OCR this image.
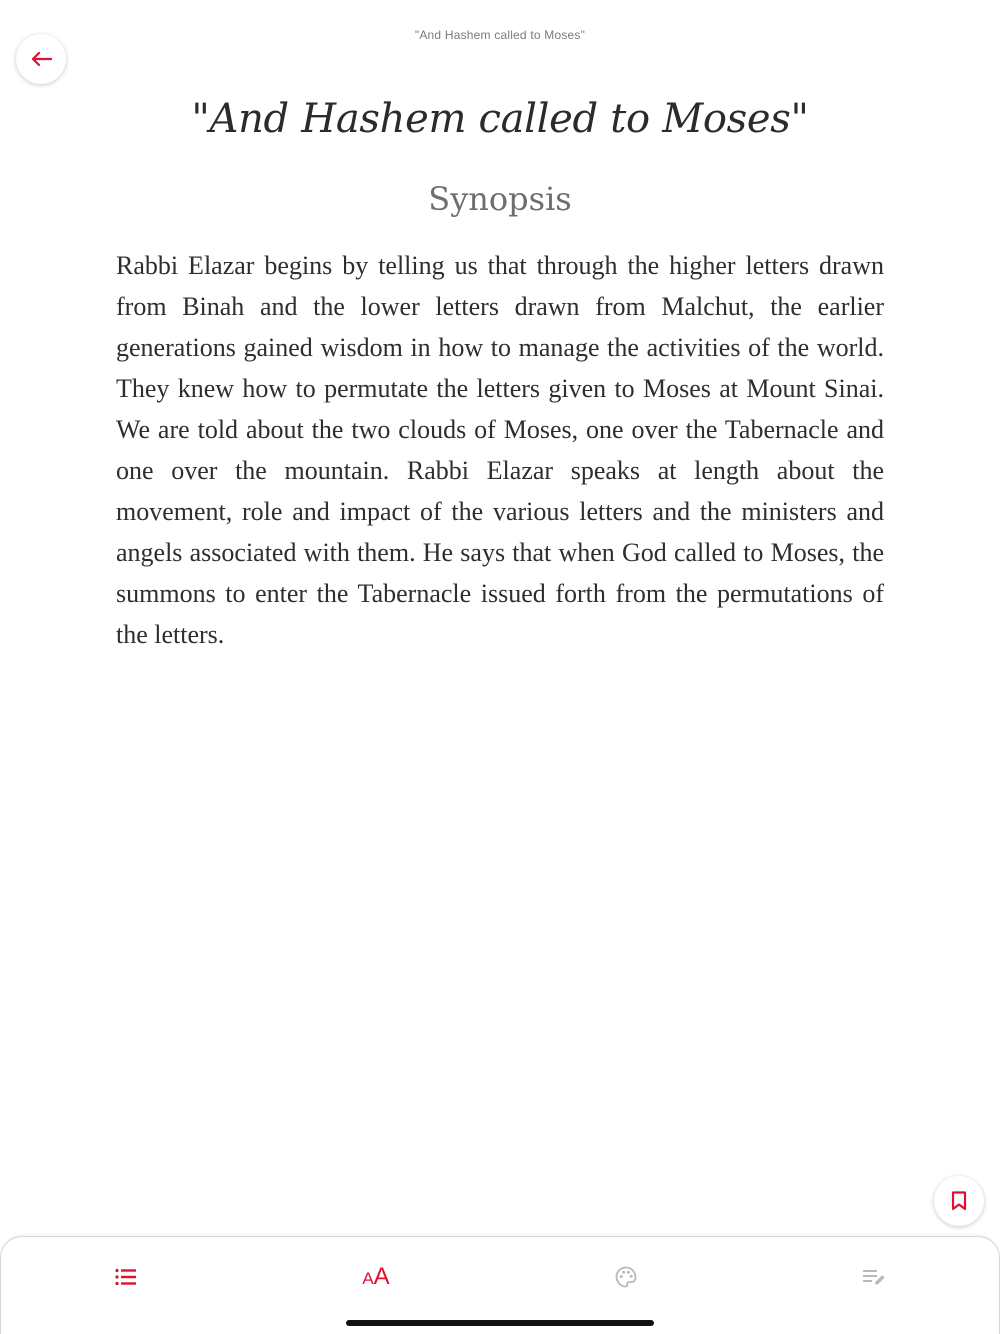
"And Hashem called to Moses"
"And Hashem called to Moses"
Synopsis

Rabbi Elazar begins by telling us that through the higher letters drawn from Binah and the lower letters drawn from Malchut, the earlier generations gained wisdom in how to manage the activities of the world. They knew how to permutate the letters given to Moses at Mount Sinai. We are told about the two clouds of Moses, one over the Tabernacle and one over the mountain. Rabbi Elazar speaks at length about the movement, role and impact of the various letters and the ministers and angels associated with them. He says that when God called to Moses, the summons to enter the Tabernacle issued forth from the permutations of the letters.

AA
